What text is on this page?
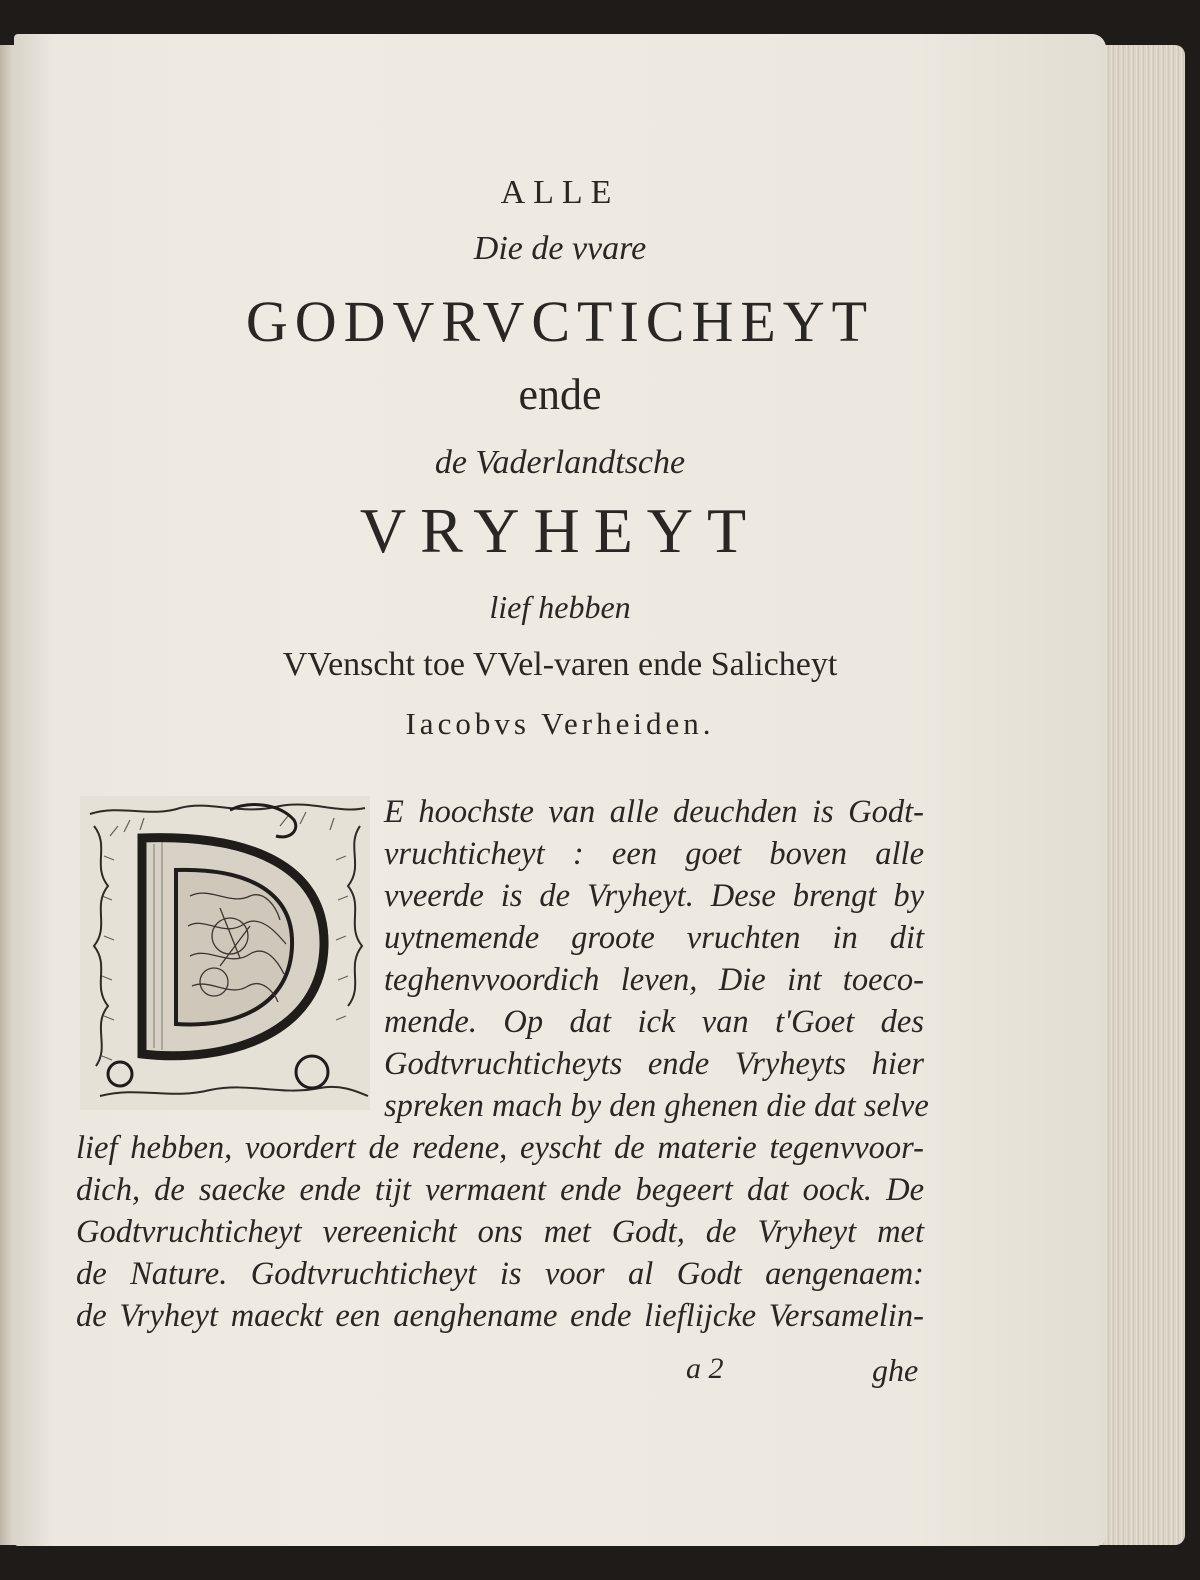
ALLE
Die de vvare
GODVRVCTICHEYT
ende
de Vaderlandtsche
VRYHEYT
lief hebben
VVenscht toe VVel-varen ende Salicheyt
Iacobvs Verheiden.
E hoochste van alle deuchden is Godt-
vruchticheyt : een goet boven alle
vveerde is de Vryheyt. Dese brengt by
uytnemende groote vruchten in dit
teghenvvoordich leven, Die int toeco-
mende. Op dat ick van t'Goet des
Godtvruchticheyts ende Vryheyts hier
spreken mach by den ghenen die dat selve
lief hebben, voordert de redene, eyscht de materie tegenvvoor-
dich, de saecke ende tijt vermaent ende begeert dat oock. De
Godtvruchticheyt vereenicht ons met Godt, de Vryheyt met
de Nature. Godtvruchticheyt is voor al Godt aengenaem:
de Vryheyt maeckt een aenghename ende lieflijcke Versamelin-
a 2	ghe
